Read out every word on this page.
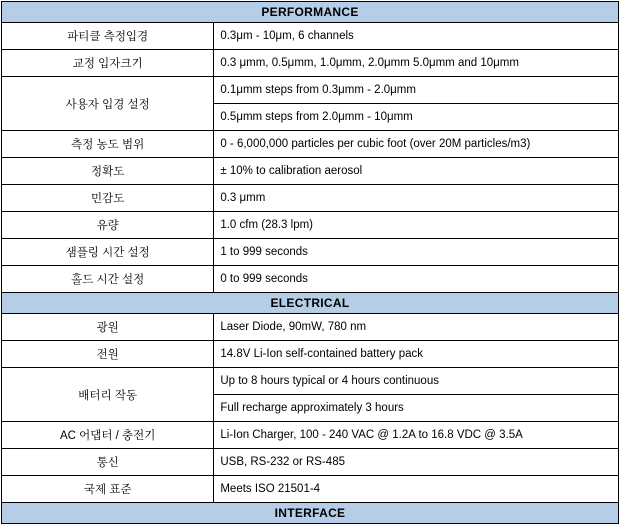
PERFORMANCE	
파티클 측정입경	0.3μm - 10μm, 6 channels
교정 입자크기	0.3 μmm, 0.5μmm, 1.0μmm, 2.0μmm 5.0μmm and 10μmm
사용자 입경 설정	0.1μmm steps from 0.3μmm - 2.0μmm
	0.5μmm steps from 2.0μmm - 10μmm
측정 농도 범위	0 - 6,000,000 particles per cubic foot (over 20M particles/m3)
정확도	± 10% to calibration aerosol
민감도	0.3 μmm
유량	1.0 cfm (28.3 lpm)
샘플링 시간 설정	1 to 999 seconds
홀드 시간 설정	0 to 999 seconds
ELECTRICAL	
광원	Laser Diode, 90mW, 780 nm
전원	14.8V Li-Ion self-contained battery pack
배터리 작동	Up to 8 hours typical or 4 hours continuous
	Full recharge approximately 3 hours
AC 어댑터 / 충전기	Li-Ion Charger, 100 - 240 VAC @ 1.2A to 16.8 VDC @ 3.5A
통신	USB, RS-232 or RS-485
국제 표준	Meets ISO 21501-4
INTERFACE	
